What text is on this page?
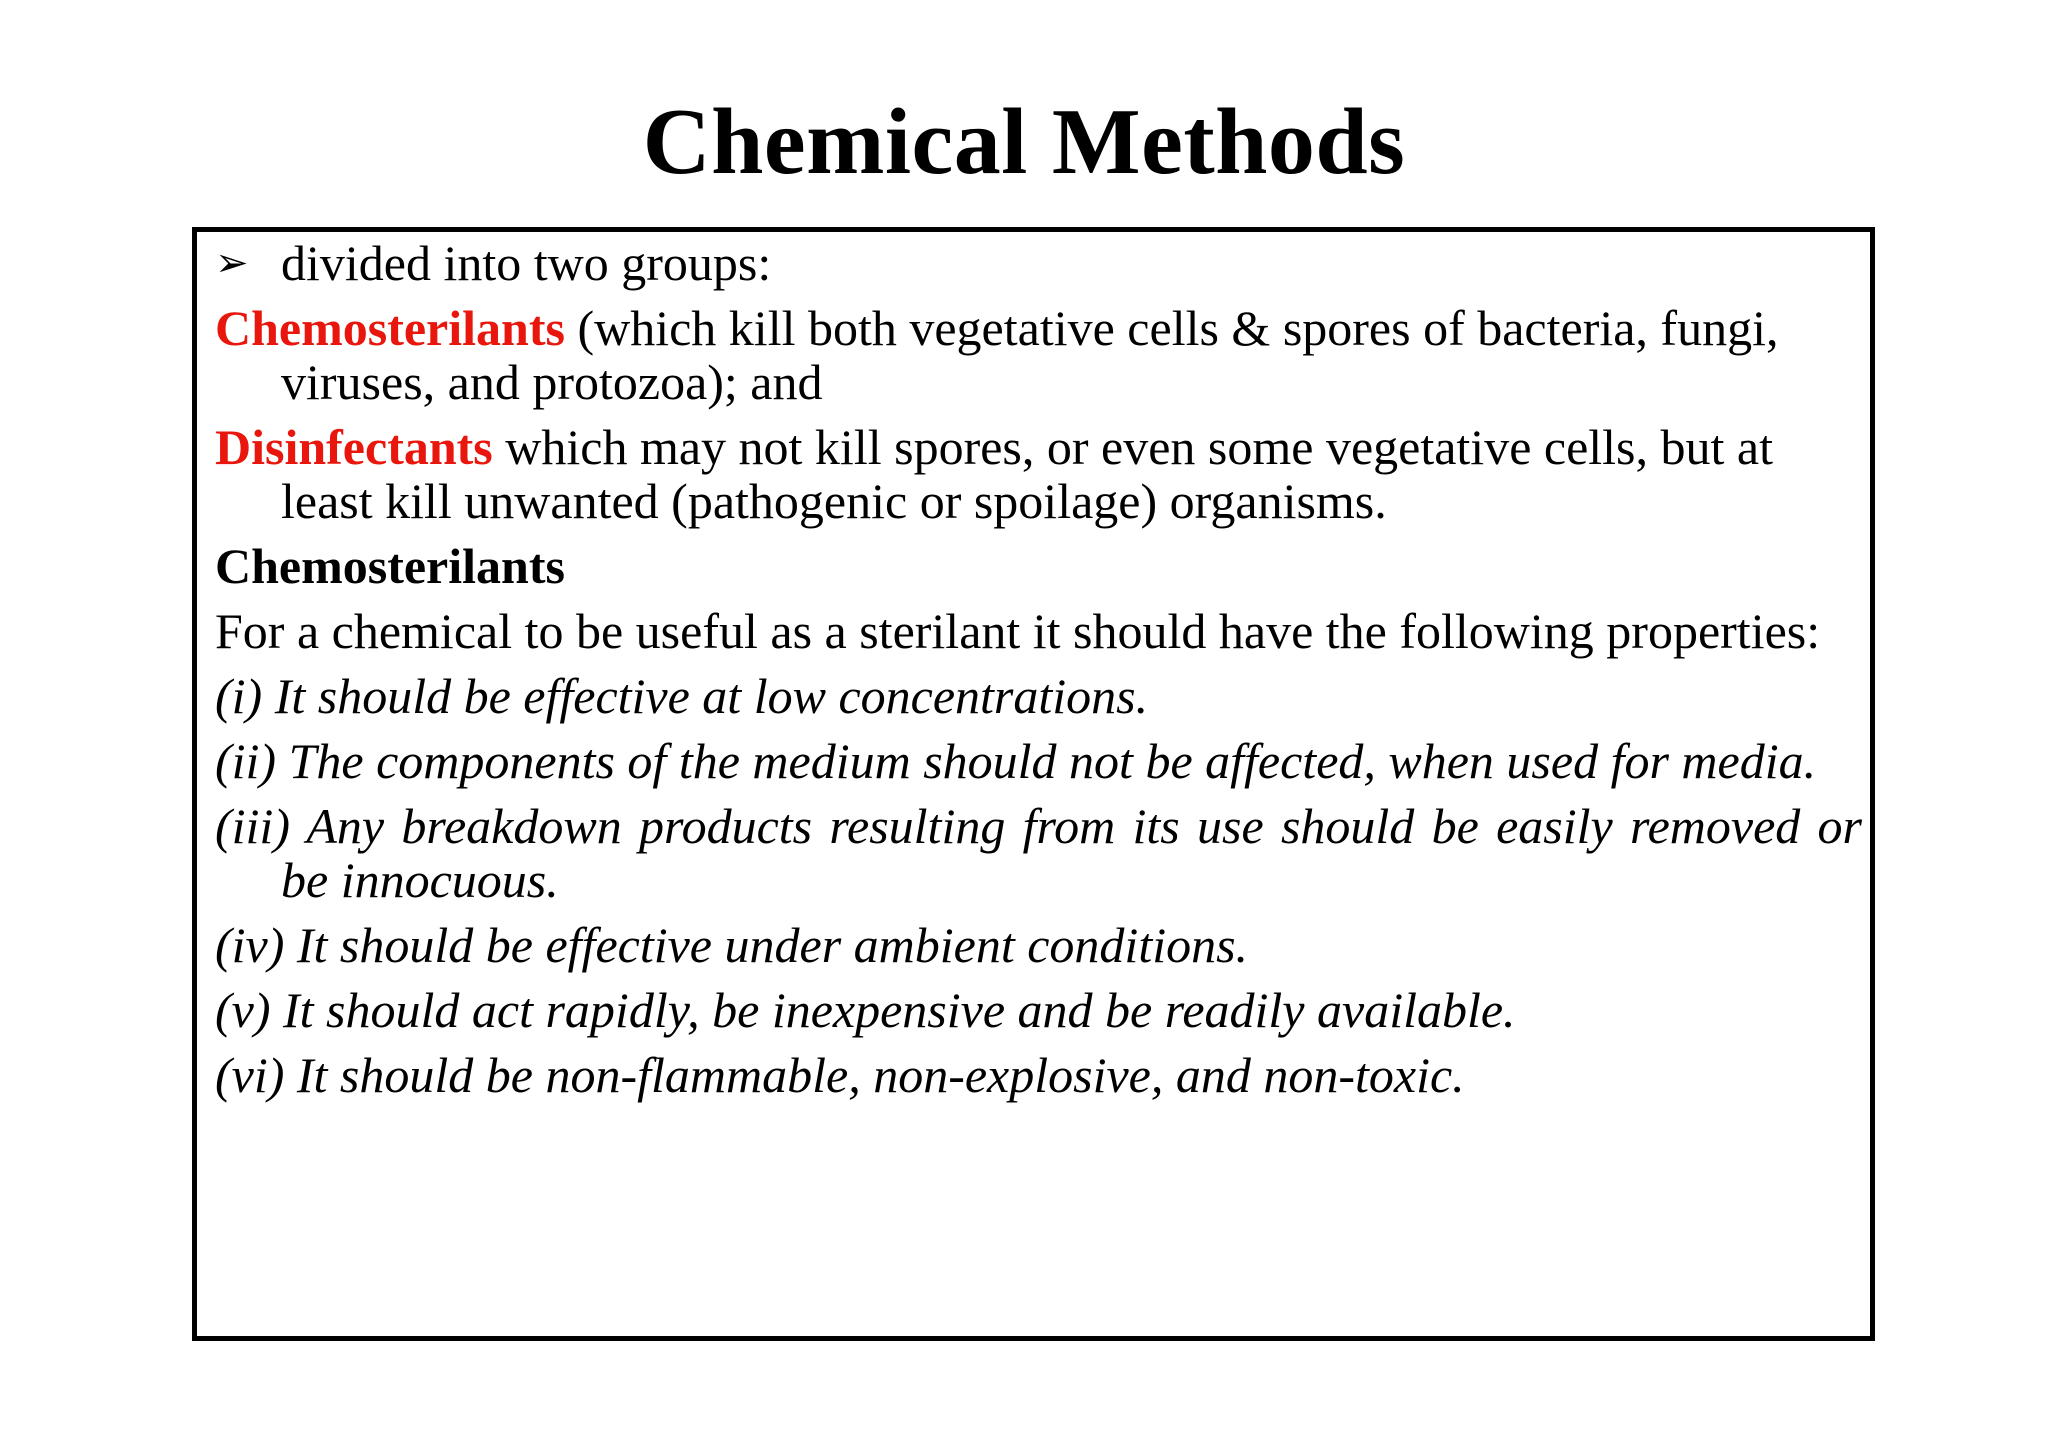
Chemical Methods

➢ divided into two groups:

Chemosterilants (which kill both vegetative cells & spores of bacteria, fungi, viruses, and protozoa); and

Disinfectants which may not kill spores, or even some vegetative cells, but at least kill unwanted (pathogenic or spoilage) organisms.

Chemosterilants

For a chemical to be useful as a sterilant it should have the following properties:

(i) It should be effective at low concentrations.

(ii) The components of the medium should not be affected, when used for media.

(iii) Any breakdown products resulting from its use should be easily removed or be innocuous.

(iv) It should be effective under ambient conditions.

(v) It should act rapidly, be inexpensive and be readily available.

(vi) It should be non-flammable, non-explosive, and non-toxic.
